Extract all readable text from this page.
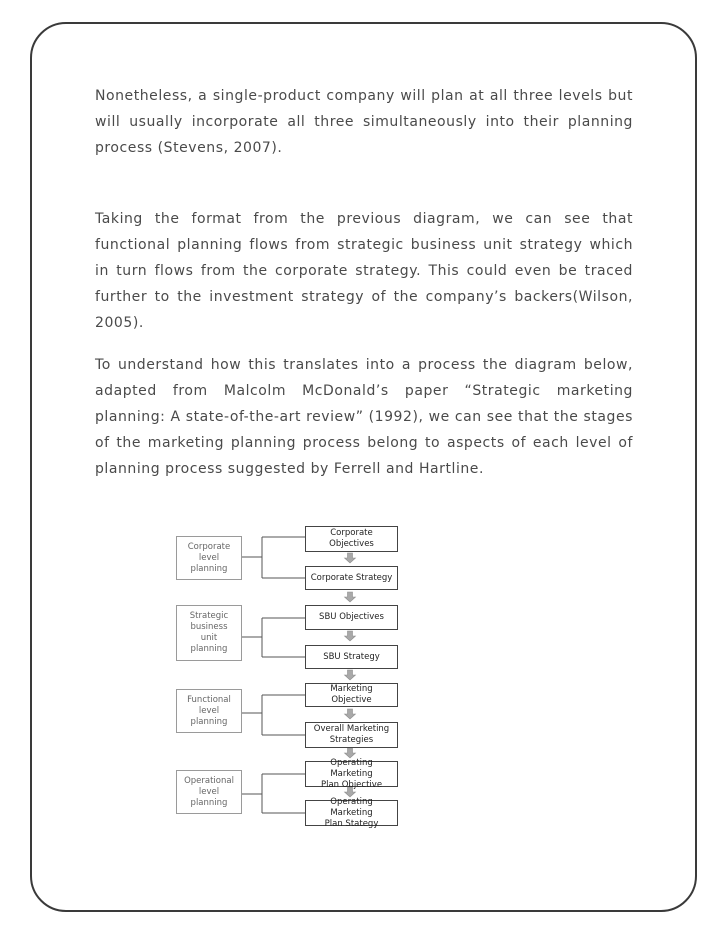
Nonetheless, a single-product company will plan at all three levels but will usually incorporate all three simultaneously into their planning process (Stevens, 2007).

Taking the format from the previous diagram, we can see that functional planning flows from strategic business unit strategy which in turn flows from the corporate strategy. This could even be traced further to the investment strategy of the company’s backers(Wilson, 2005).

To understand how this translates into a process the diagram below, adapted from Malcolm McDonald’s paper “Strategic marketing planning: A state-of-the-art review” (1992), we can see that the stages of the marketing planning process belong to aspects of each level of planning process suggested by Ferrell and Hartline.

Corporate
level
planning
Strategic
business
unit
planning
Functional
level
planning
Operational
level
planning
Corporate
Objectives
Corporate Strategy
SBU Objectives
SBU Strategy
Marketing Objective
Overall Marketing
Strategies
Operating Marketing
Plan Objective
Operating Marketing
Plan Stategy
